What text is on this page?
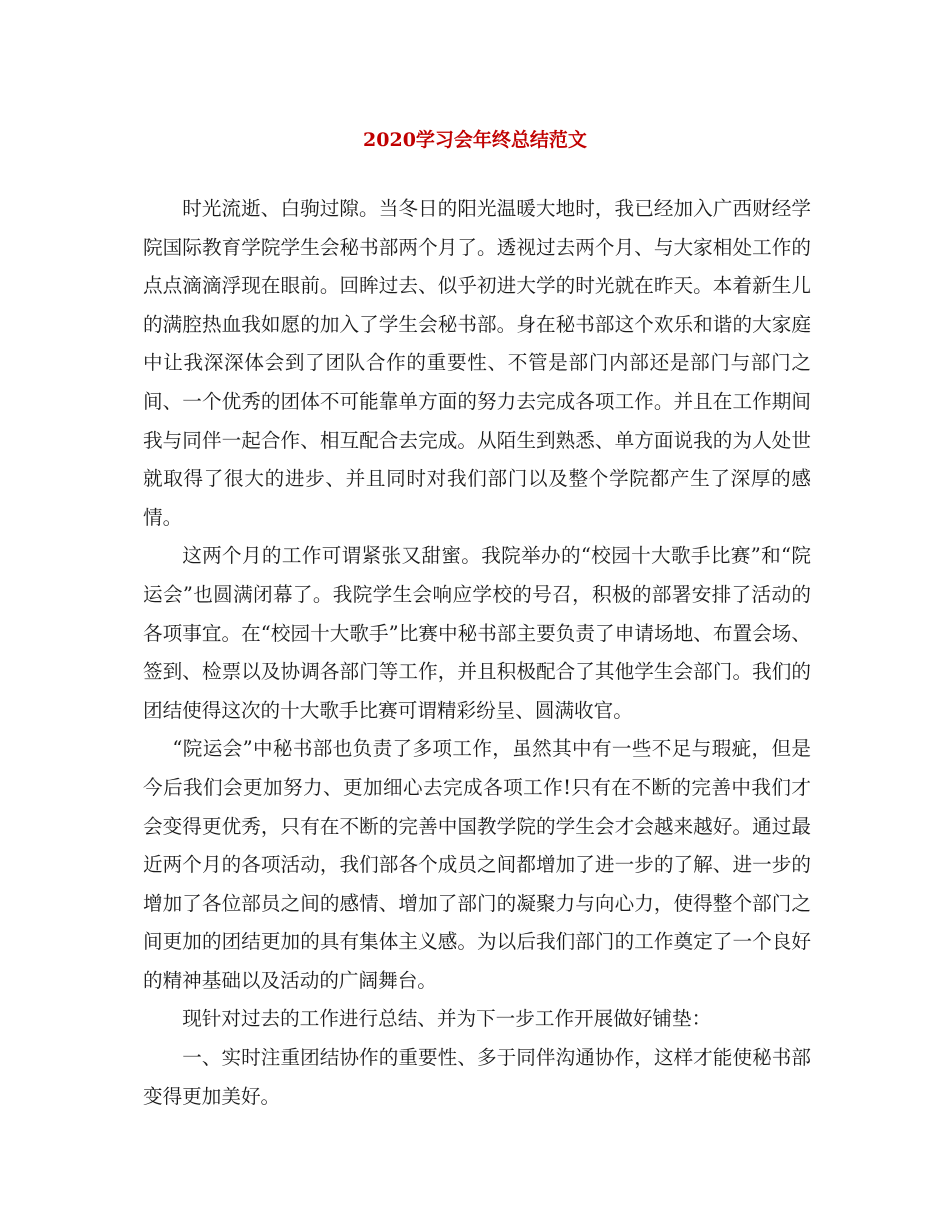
2020学习会年终总结范文

时光流逝、白驹过隙。当冬日的阳光温暖大地时，我已经加入广西财经学院国际教育学院学生会秘书部两个月了。透视过去两个月、与大家相处工作的点点滴滴浮现在眼前。回眸过去、似乎初进大学的时光就在昨天。本着新生儿的满腔热血我如愿的加入了学生会秘书部。身在秘书部这个欢乐和谐的大家庭中让我深深体会到了团队合作的重要性、不管是部门内部还是部门与部门之间、一个优秀的团体不可能靠单方面的努力去完成各项工作。并且在工作期间我与同伴一起合作、相互配合去完成。从陌生到熟悉、单方面说我的为人处世就取得了很大的进步、并且同时对我们部门以及整个学院都产生了深厚的感情。

这两个月的工作可谓紧张又甜蜜。我院举办的“校园十大歌手比赛”和“院运会”也圆满闭幕了。我院学生会响应学校的号召，积极的部署安排了活动的各项事宜。在“校园十大歌手”比赛中秘书部主要负责了申请场地、布置会场、签到、检票以及协调各部门等工作，并且积极配合了其他学生会部门。我们的团结使得这次的十大歌手比赛可谓精彩纷呈、圆满收官。

“院运会”中秘书部也负责了多项工作，虽然其中有一些不足与瑕疵，但是今后我们会更加努力、更加细心去完成各项工作!只有在不断的完善中我们才会变得更优秀，只有在不断的完善中国教学院的学生会才会越来越好。通过最近两个月的各项活动，我们部各个成员之间都增加了进一步的了解、进一步的增加了各位部员之间的感情、增加了部门的凝聚力与向心力，使得整个部门之间更加的团结更加的具有集体主义感。为以后我们部门的工作奠定了一个良好的精神基础以及活动的广阔舞台。

现针对过去的工作进行总结、并为下一步工作开展做好铺垫：

一、实时注重团结协作的重要性、多于同伴沟通协作，这样才能使秘书部变得更加美好。
